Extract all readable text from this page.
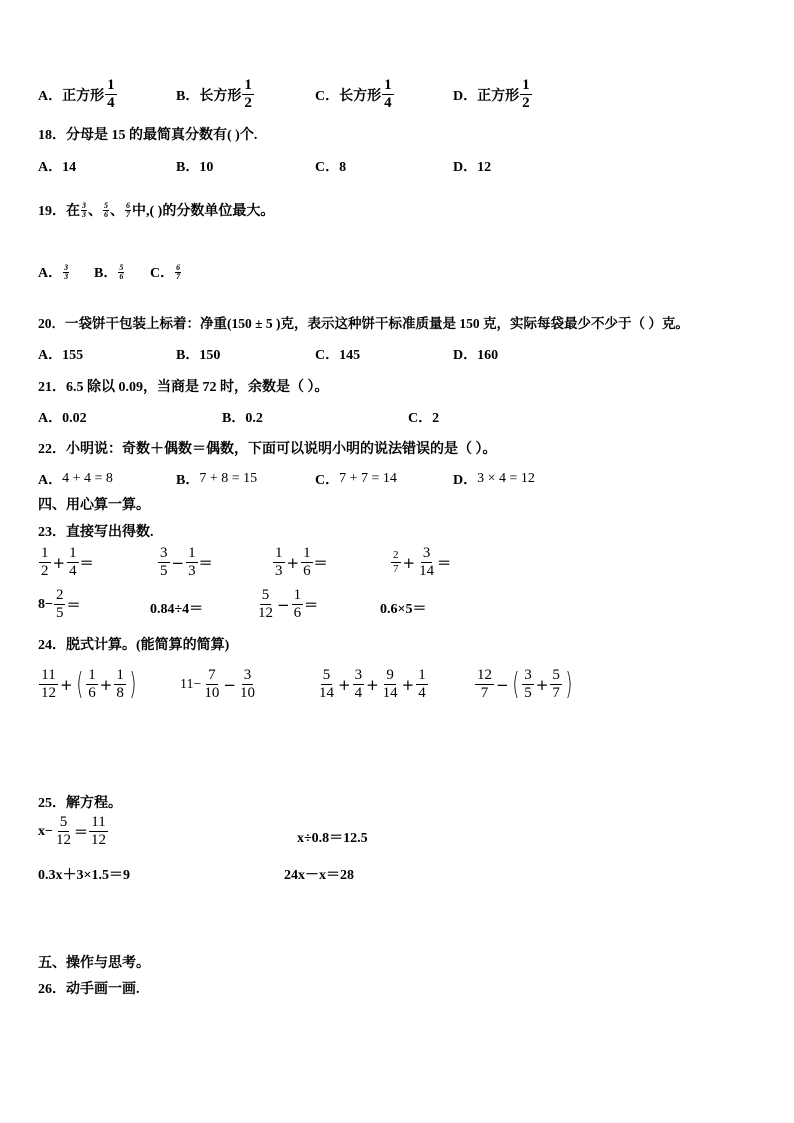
A．正方形 $\frac{1}{4}$	B．长方形 $\frac{1}{2}$	C．长方形 $\frac{1}{4}$	D．正方形 $\frac{1}{2}$
18．分母是 15 的最简真分数有( )个.
A．14	B．10	C．8	D．12
19．在 $\frac{3}{3}$ 、 $\frac{5}{6}$ 、 $\frac{6}{7}$ 中,( )的分数单位最大。
A． $\frac{3}{3}$ B． $\frac{5}{6}$ C． $\frac{6}{7}$
20．一袋饼干包装上标着：净重(150 ± 5 )克，表示这种饼干标准质量是 150 克，实际每袋最少不少于（ ）克。
A．155	B．150	C．145	D．160
21．6.5 除以 0.09，当商是 72 时，余数是（ ）。
A．0.02	B．0.2	C．2
22．小明说：奇数＋偶数＝偶数，下面可以说明小明的说法错误的是（ ）。
A． 4 + 4 = 8	B． 7 + 8 = 15	C． 7 + 7 = 14	D． 3 × 4 = 12
四、用心算一算。
23．直接写出得数.
$\frac{1}{2} + \frac{1}{4}$ ＝	$\frac{3}{5} - \frac{1}{3}$ ＝	$\frac{1}{3} + \frac{1}{6}$ ＝	$\frac{2}{7} + \frac{3}{14}$ ＝
$8- \frac{2}{5}$ ＝	0.84÷4＝	$\frac{5}{12} - \frac{1}{6}$ ＝	0.6×5＝
24．脱式计算。(能简算的简算)
$\frac{11}{12}$ + ( $\frac{1}{6} + \frac{1}{8}$ )	$11- \frac{7}{10} - \frac{3}{10}$	$\frac{5}{14} + \frac{3}{4} + \frac{9}{14} + \frac{1}{4}$	$\frac{12}{7}$ − ( $\frac{3}{5} + \frac{5}{7}$ )
25．解方程。
$x- \frac{5}{12} = \frac{11}{12}$	x÷0.8＝12.5
0.3x＋3×1.5＝9	24x－x＝28
五、操作与思考。
26．动手画一画.
